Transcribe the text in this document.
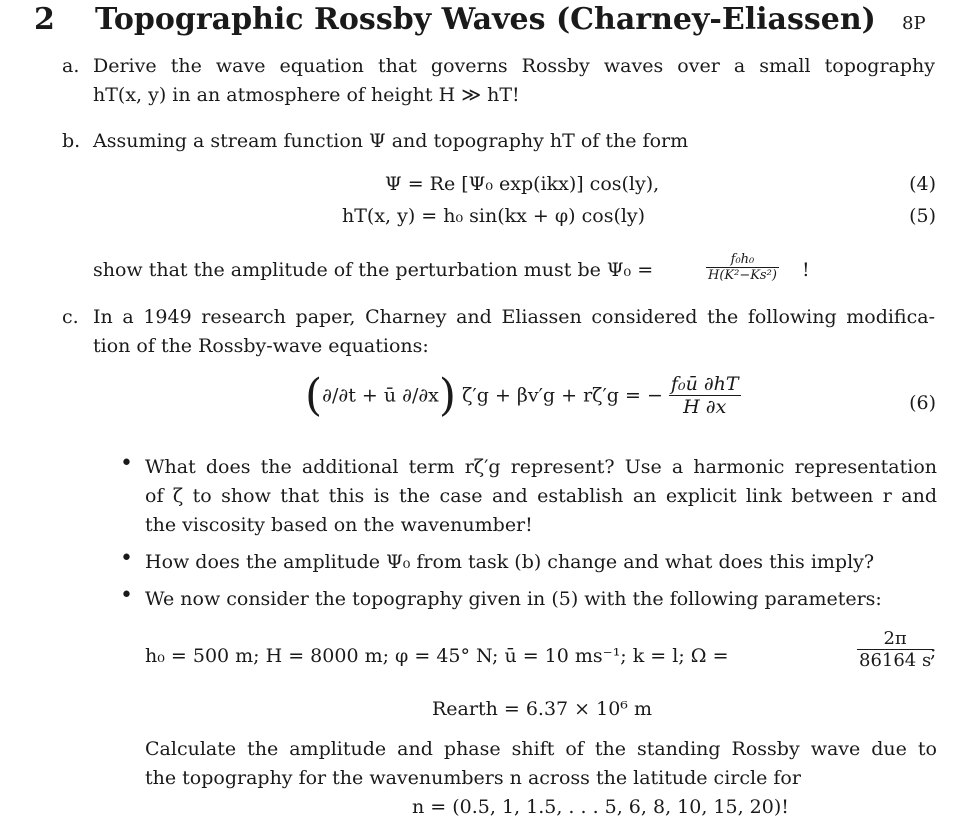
2 Topographic Rossby Waves (Charney-Eliassen) 8P
a. Derive the wave equation that governs Rossby waves over a small topography
hT(x, y) in an atmosphere of height H ≫ hT!
b. Assuming a stream function Ψ and topography hT of the form
Ψ = Re [Ψ₀ exp(ikx)] cos(ly),	(4)
hT(x, y) = h₀ sin(kx + φ) cos(ly)	(5)
show that the amplitude of the perturbation must be Ψ₀ =	$\frac{\text{f₀h₀}}{\text{H(K²−Ks²)}}$ !
c. In a 1949 research paper, Charney and Eliassen considered the following modifica-
tion of the Rossby-wave equations:
(∂/∂t + ū ∂/∂x) ζ′g + βv′g + rζ′g = − $\frac{\text{f₀ū ∂hT}}{H \partial x}$	(6)
• What does the additional term rζ′g represent? Use a harmonic representation
of ζ to show that this is the case and establish an explicit link between r and
the viscosity based on the wavenumber!
• How does the amplitude Ψ₀ from task (b) change and what does this imply?
• We now consider the topography given in (5) with the following parameters:
h₀ = 500 m; H = 8000 m; φ = 45° N; ū = 10 ms⁻¹; k = l; Ω =	$\frac{2\pi}{86164 s}$
;
Rearth = 6.37 × 10⁶ m
Calculate the amplitude and phase shift of the standing Rossby wave due to
the topography for the wavenumbers n across the latitude circle for
n = (0.5, 1, 1.5, . . . 5, 6, 8, 10, 15, 20)!
